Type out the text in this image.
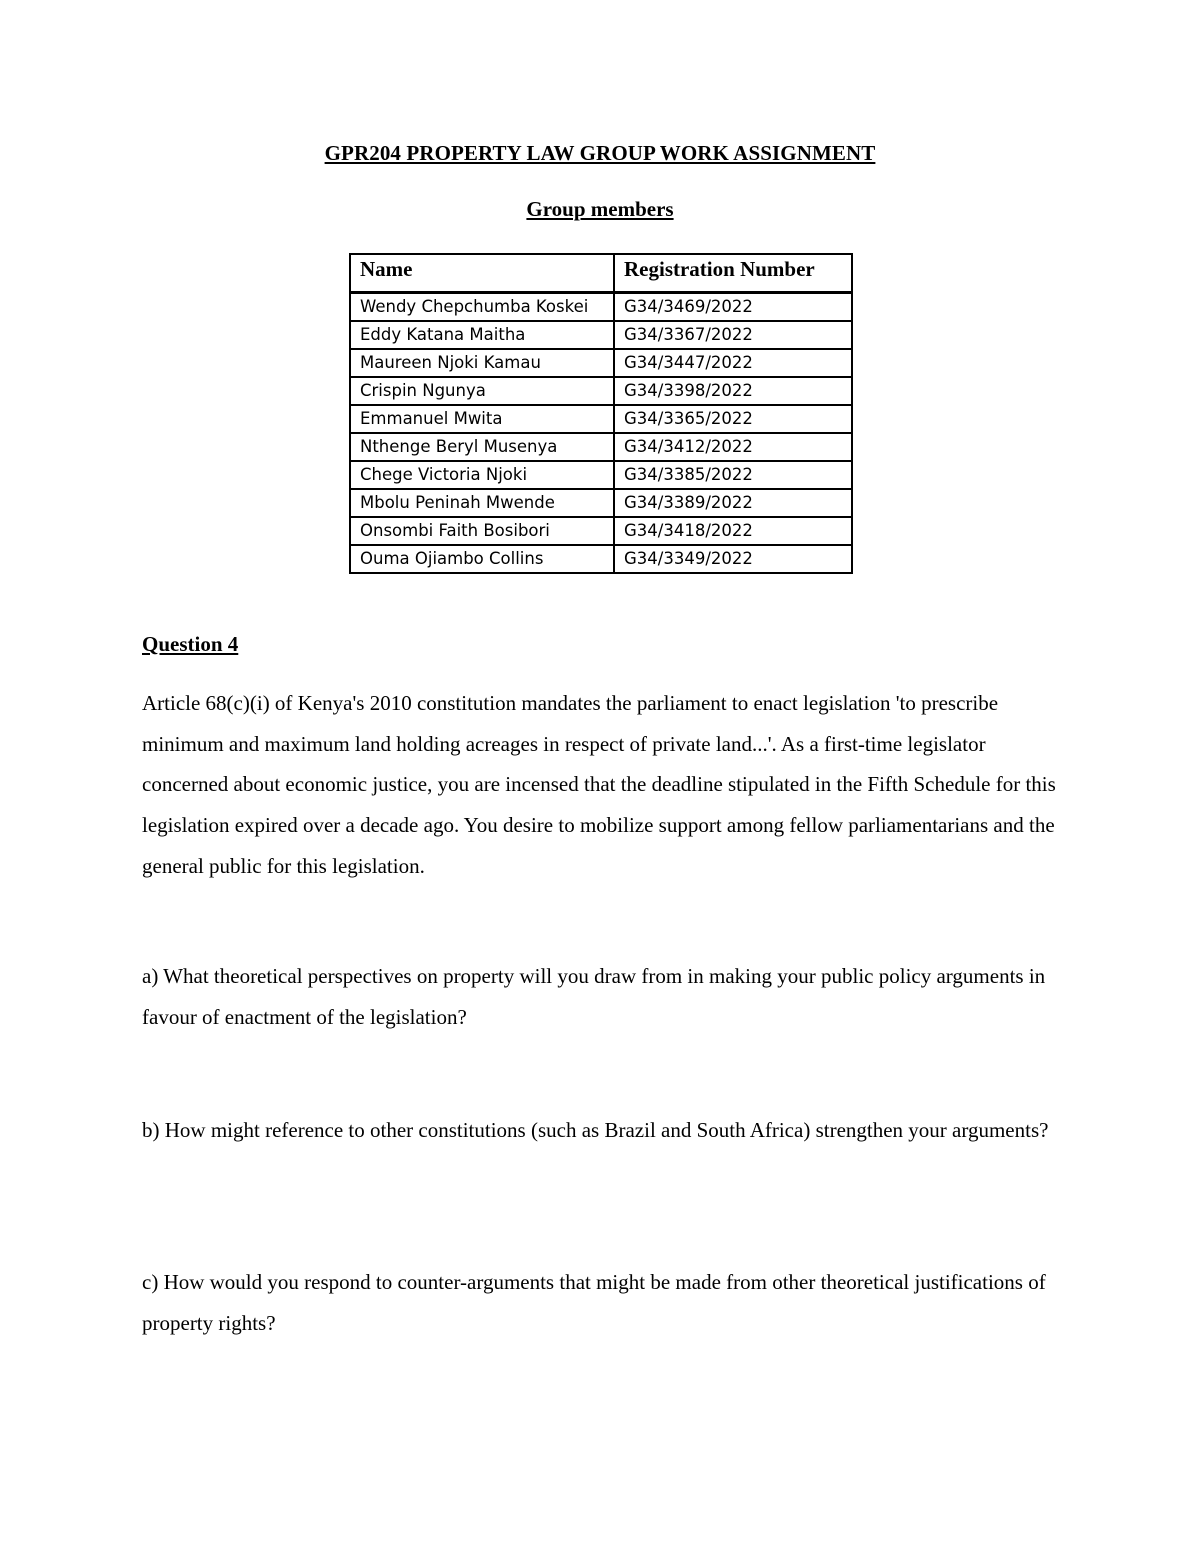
GPR204 PROPERTY LAW GROUP WORK ASSIGNMENT
Group members
Name	Registration Number
Wendy Chepchumba Koskei	G34/3469/2022
Eddy Katana Maitha	G34/3367/2022
Maureen Njoki Kamau	G34/3447/2022
Crispin Ngunya	G34/3398/2022
Emmanuel Mwita	G34/3365/2022
Nthenge Beryl Musenya	G34/3412/2022
Chege Victoria Njoki	G34/3385/2022
Mbolu Peninah Mwende	G34/3389/2022
Onsombi Faith Bosibori	G34/3418/2022
Ouma Ojiambo Collins	G34/3349/2022
Question 4

Article 68(c)(i) of Kenya's 2010 constitution mandates the parliament to enact legislation 'to prescribe minimum and maximum land holding acreages in respect of private land...'. As a first-time legislator concerned about economic justice, you are incensed that the deadline stipulated in the Fifth Schedule for this legislation expired over a decade ago. You desire to mobilize support among fellow parliamentarians and the general public for this legislation.

a) What theoretical perspectives on property will you draw from in making your public policy arguments in favour of enactment of the legislation?

b) How might reference to other constitutions (such as Brazil and South Africa) strengthen your arguments?

c) How would you respond to counter-arguments that might be made from other theoretical justifications of property rights?
